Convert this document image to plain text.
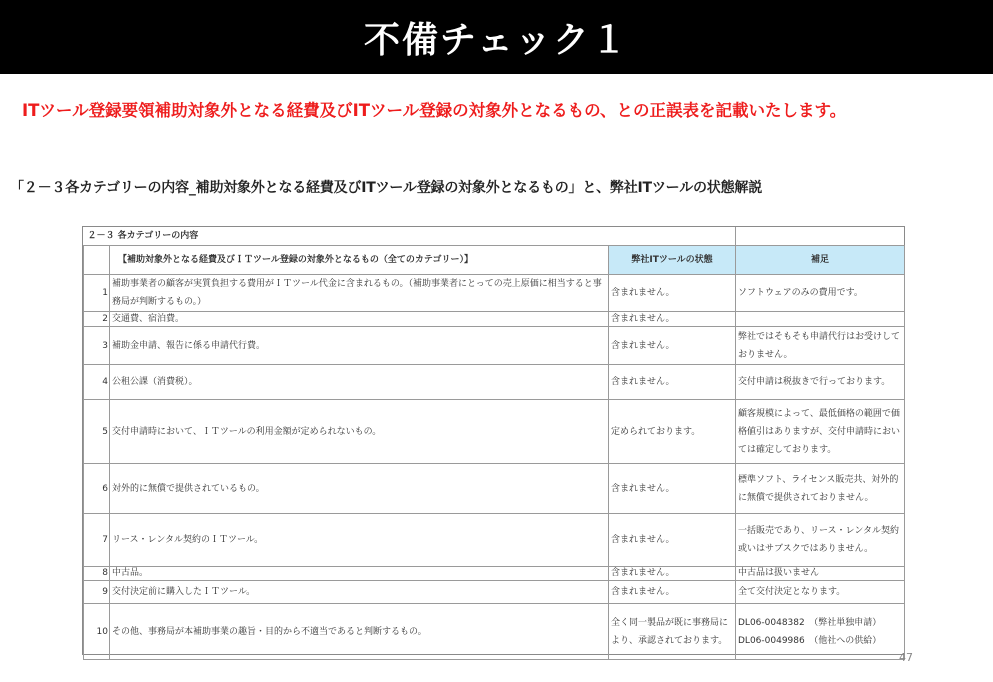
不備チェック１
ITツール登録要領補助対象外となる経費及びITツール登録の対象外となるもの、との正誤表を記載いたします。
「２－３各カテゴリーの内容_補助対象外となる経費及びITツール登録の対象外となるもの」と、弊社ITツールの状態解説
２－３ 各カテゴリーの内容			
	【補助対象外となる経費及びＩＴツール登録の対象外となるもの（全てのカテゴリー）】	弊社ITツールの状態	補足
1	補助事業者の顧客が実質負担する費用がＩＴツール代金に含まれるもの。（補助事業者にとっての売上原価に相当すると事務局が判断するもの。）	含まれません。	ソフトウェアのみの費用です。
2	交通費、宿泊費。	含まれません。	
3	補助金申請、報告に係る申請代行費。	含まれません。	弊社ではそもそも申請代行はお受けしておりません。
4	公租公課（消費税）。	含まれません。	交付申請は税抜きで行っております。
5	交付申請時において、ＩＴツールの利用金額が定められないもの。	定められております。	顧客規模によって、最低価格の範囲で価格値引はありますが、交付申請時においては確定しております。
6	対外的に無償で提供されているもの。	含まれません。	標準ソフト、ライセンス販売共、対外的に無償で提供されておりません。
7	リース・レンタル契約のＩＴツール。	含まれません。	一括販売であり、リース・レンタル契約或いはサブスクではありません。
8	中古品。	含まれません。	中古品は扱いません
9	交付決定前に購入したＩＴツール。	含まれません。	全て交付決定となります。
10	その他、事務局が本補助事業の趣旨・目的から不適当であると判断するもの。	全く同一製品が既に事務局により、承認されております。	DL06-0048382　（弊社単独申請）
DL06-0049986　（他社への供給）
47
